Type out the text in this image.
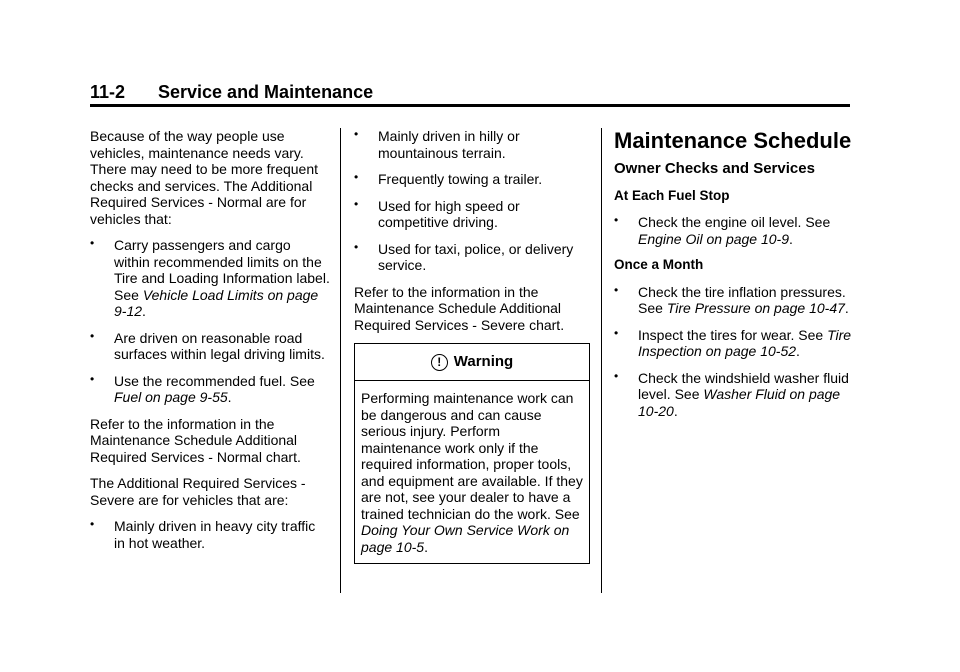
11-2 Service and Maintenance

Because of the way people use vehicles, maintenance needs vary. There may need to be more frequent checks and services. The Additional Required Services - Normal are for vehicles that:

• Carry passengers and cargo within recommended limits on the Tire and Loading Information label. See Vehicle Load Limits on page 9-12.
• Are driven on reasonable road surfaces within legal driving limits.
• Use the recommended fuel. See Fuel on page 9-55.

Refer to the information in the Maintenance Schedule Additional Required Services - Normal chart.

The Additional Required Services - Severe are for vehicles that are:

• Mainly driven in heavy city traffic in hot weather.
• Mainly driven in hilly or mountainous terrain.
• Frequently towing a trailer.
• Used for high speed or competitive driving.
• Used for taxi, police, or delivery service.

Refer to the information in the Maintenance Schedule Additional Required Services - Severe chart.

! Warning
Performing maintenance work can be dangerous and can cause serious injury. Perform maintenance work only if the required information, proper tools, and equipment are available. If they are not, see your dealer to have a trained technician do the work. See Doing Your Own Service Work on page 10-5.
Maintenance Schedule
Owner Checks and Services
At Each Fuel Stop
• Check the engine oil level. See Engine Oil on page 10-9.
Once a Month
• Check the tire inflation pressures. See Tire Pressure on page 10-47.
• Inspect the tires for wear. See Tire Inspection on page 10-52.
• Check the windshield washer fluid level. See Washer Fluid on page 10-20.
